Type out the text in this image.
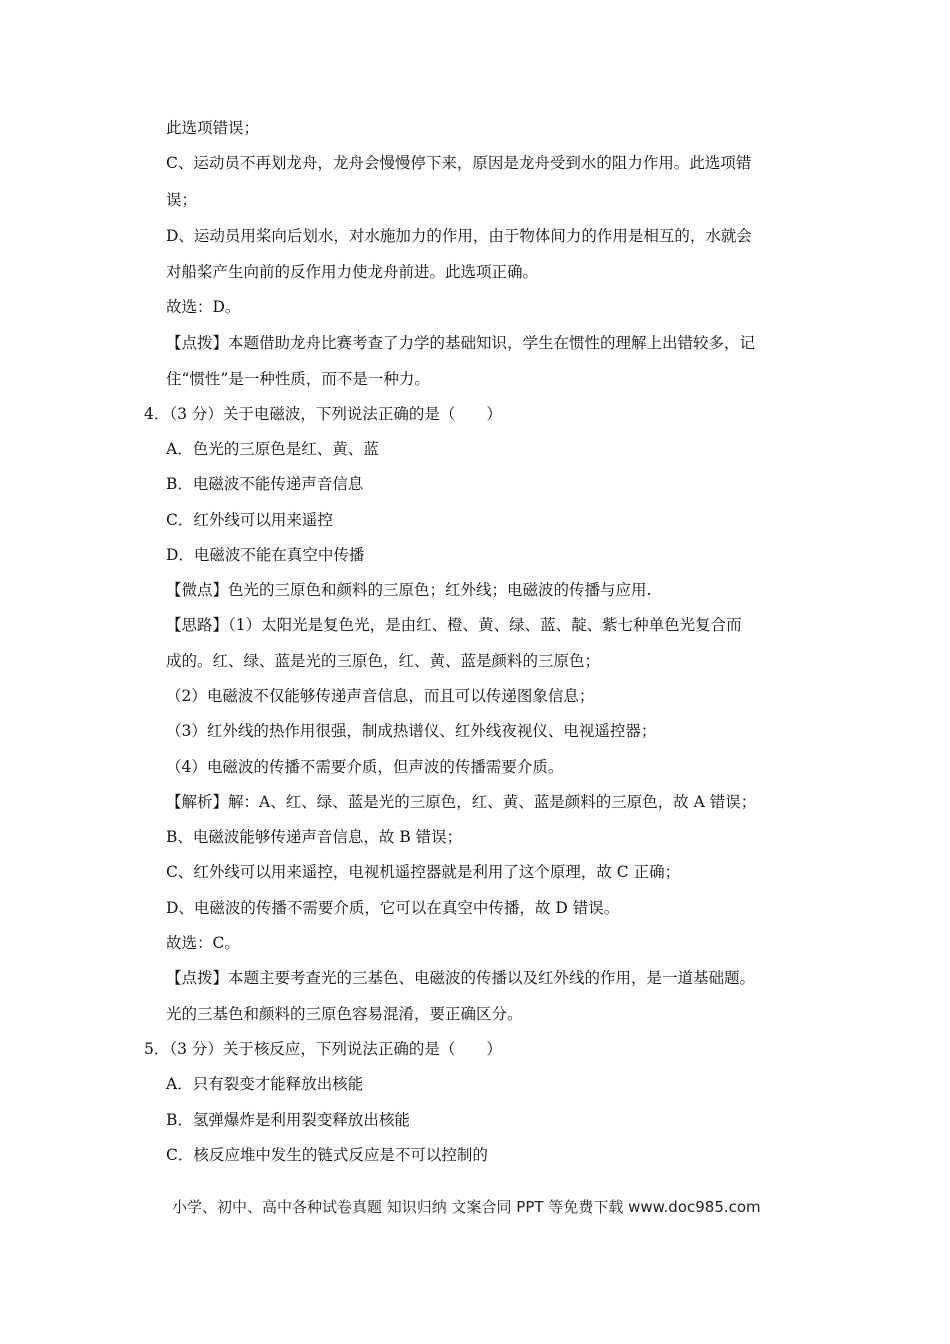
此选项错误；
C、运动员不再划龙舟，龙舟会慢慢停下来，原因是龙舟受到水的阻力作用。此选项错
误；
D、运动员用桨向后划水，对水施加力的作用，由于物体间力的作用是相互的，水就会
对船桨产生向前的反作用力使龙舟前进。此选项正确。
故选：D。
【点拨】本题借助龙舟比赛考查了力学的基础知识，学生在惯性的理解上出错较多，记
住“惯性”是一种性质，而不是一种力。
4．（3 分）关于电磁波，下列说法正确的是（　　）
A．色光的三原色是红、黄、蓝
B．电磁波不能传递声音信息
C．红外线可以用来遥控
D．电磁波不能在真空中传播
【微点】色光的三原色和颜料的三原色；红外线；电磁波的传播与应用.
【思路】（1）太阳光是复色光，是由红、橙、黄、绿、蓝、靛、紫七种单色光复合而
成的。红、绿、蓝是光的三原色，红、黄、蓝是颜料的三原色；
（2）电磁波不仅能够传递声音信息，而且可以传递图象信息；
（3）红外线的热作用很强，制成热谱仪、红外线夜视仪、电视遥控器；
（4）电磁波的传播不需要介质，但声波的传播需要介质。
【解析】解：A、红、绿、蓝是光的三原色，红、黄、蓝是颜料的三原色，故 A 错误；
B、电磁波能够传递声音信息，故 B 错误；
C、红外线可以用来遥控，电视机遥控器就是利用了这个原理，故 C 正确；
D、电磁波的传播不需要介质，它可以在真空中传播，故 D 错误。
故选：C。
【点拨】本题主要考查光的三基色、电磁波的传播以及红外线的作用，是一道基础题。
光的三基色和颜料的三原色容易混淆，要正确区分。
5．（3 分）关于核反应，下列说法正确的是（　　）
A．只有裂变才能释放出核能
B．氢弹爆炸是利用裂变释放出核能
C．核反应堆中发生的链式反应是不可以控制的
小学、初中、高中各种试卷真题 知识归纳 文案合同 PPT 等免费下载 www.doc985.com
